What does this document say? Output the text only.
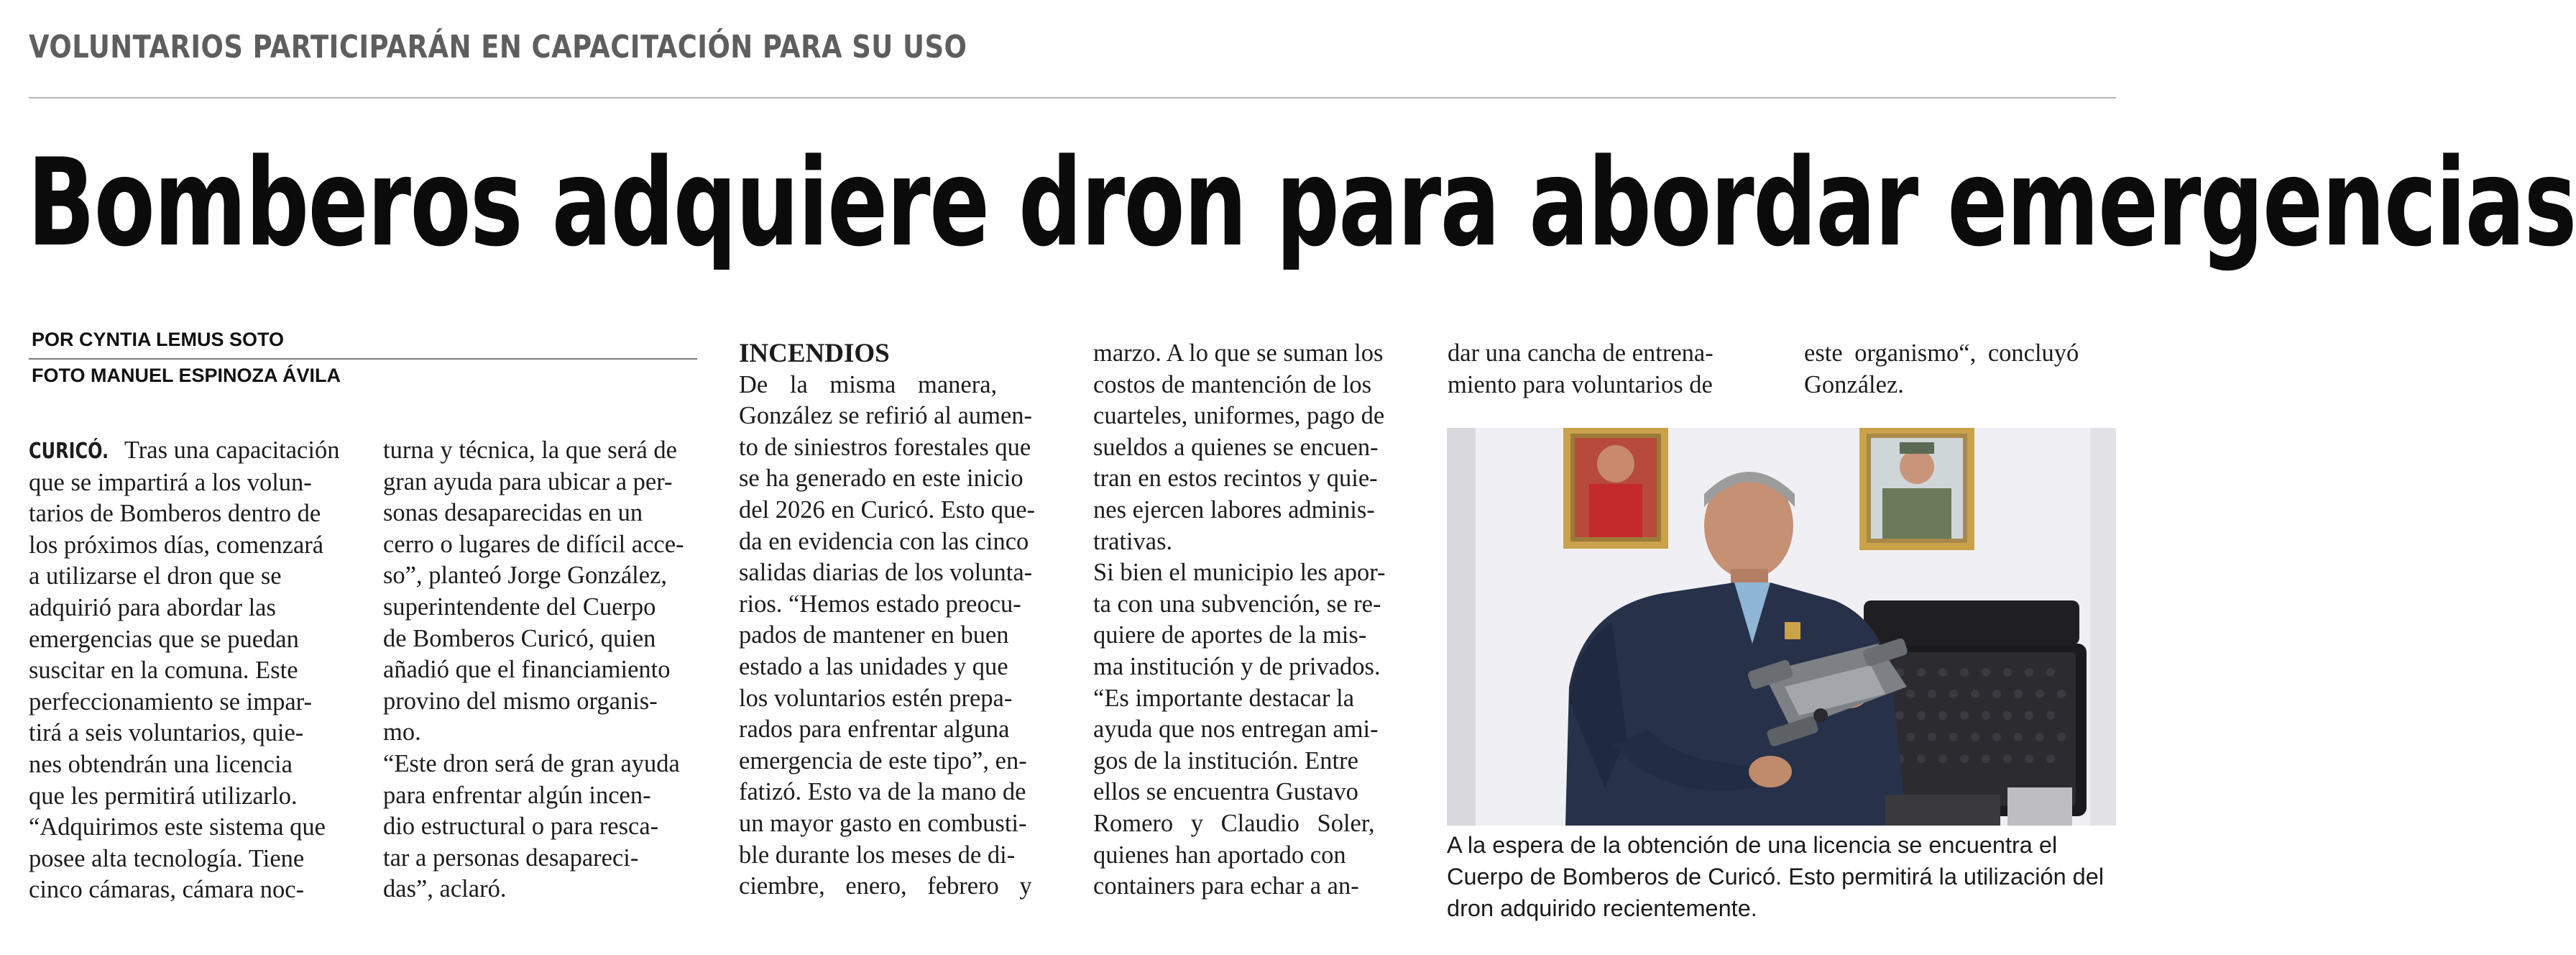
VOLUNTARIOS PARTICIPARÁN EN CAPACITACIÓN PARA SU USO
Bomberos adquiere dron para abordar emergencias
POR CYNTIA LEMUS SOTO
FOTO MANUEL ESPINOZA ÁVILA

CURICÓ. Tras una capacitación

que se impartirá a los volun-

tarios de Bomberos dentro de

los próximos días, comenzará

a utilizarse el dron que se

adquirió para abordar las

emergencias que se puedan

suscitar en la comuna. Este

perfeccionamiento se impar-

tirá a seis voluntarios, quie-

nes obtendrán una licencia

que les permitirá utilizarlo.

“Adquirimos este sistema que

posee alta tecnología. Tiene

cinco cámaras, cámara noc-

turna y técnica, la que será de

gran ayuda para ubicar a per-

sonas desaparecidas en un

cerro o lugares de difícil acce-

so”, planteó Jorge González,

superintendente del Cuerpo

de Bomberos Curicó, quien

añadió que el financiamiento

provino del mismo organis-

mo.

“Este dron será de gran ayuda

para enfrentar algún incen-

dio estructural o para resca-

tar a personas desapareci-

das”, aclaró.

INCENDIOS

De la misma manera,

González se refirió al aumen-

to de siniestros forestales que

se ha generado en este inicio

del 2026 en Curicó. Esto que-

da en evidencia con las cinco

salidas diarias de los volunta-

rios. “Hemos estado preocu-

pados de mantener en buen

estado a las unidades y que

los voluntarios estén prepa-

rados para enfrentar alguna

emergencia de este tipo”, en-

fatizó. Esto va de la mano de

un mayor gasto en combusti-

ble durante los meses de di-

ciembre, enero, febrero y

marzo. A lo que se suman los

costos de mantención de los

cuarteles, uniformes, pago de

sueldos a quienes se encuen-

tran en estos recintos y quie-

nes ejercen labores adminis-

trativas.

Si bien el municipio les apor-

ta con una subvención, se re-

quiere de aportes de la mis-

ma institución y de privados.

“Es importante destacar la

ayuda que nos entregan ami-

gos de la institución. Entre

ellos se encuentra Gustavo

Romero y Claudio Soler,

quienes han aportado con

containers para echar a an-

dar una cancha de entrena-

miento para voluntarios de

este organismo“, concluyó

González.

A la espera de la obtención de una licencia se encuentra el Cuerpo de Bomberos de Curicó. Esto permitirá la utilización del dron adquirido recientemente.
